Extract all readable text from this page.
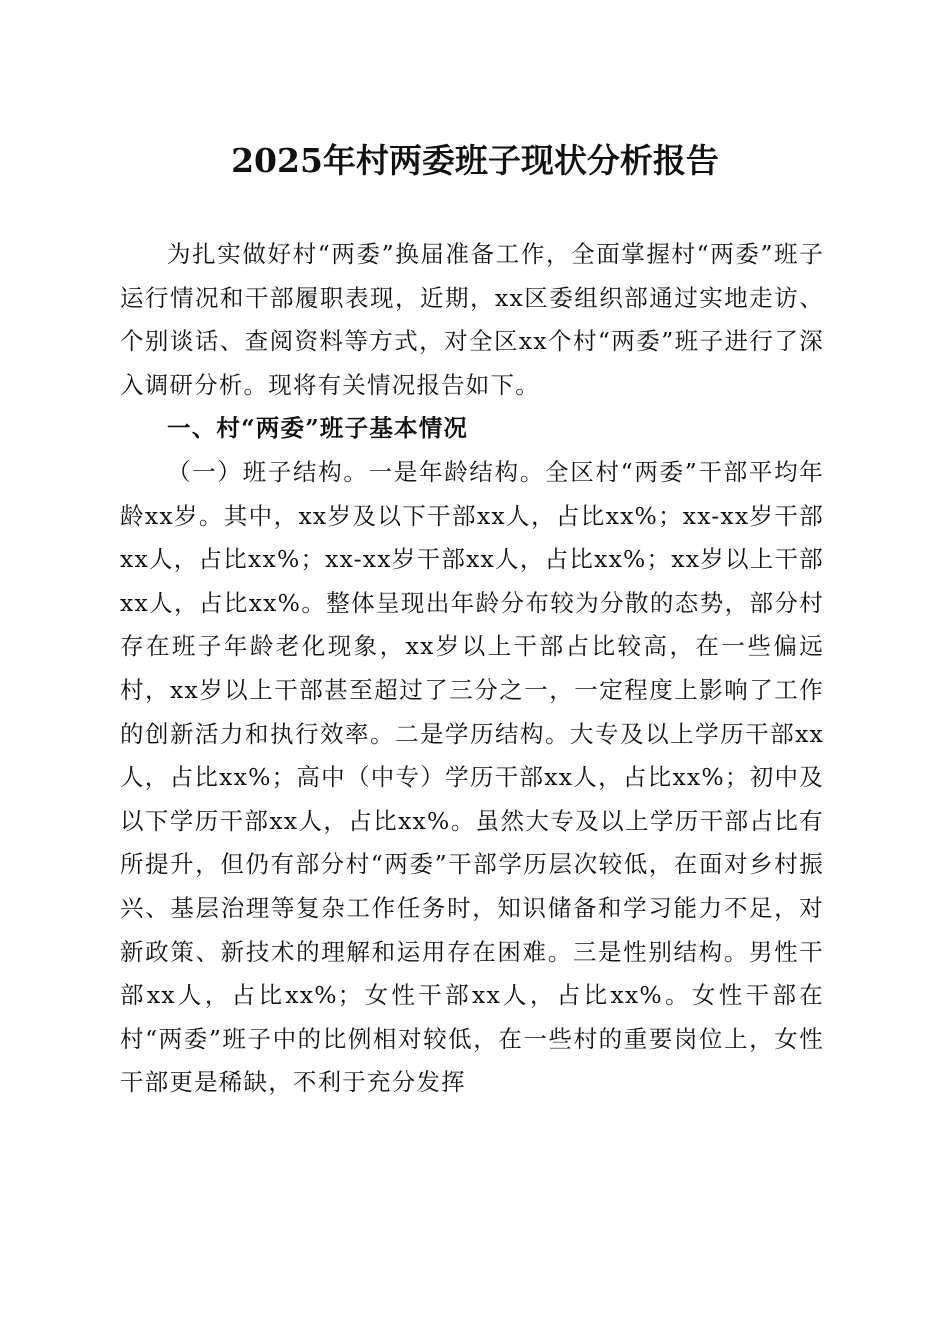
2025年村两委班子现状分析报告

为扎实做好村“两委”换届准备工作，全面掌握村“两委”班子运行情况和干部履职表现，近期，xx区委组织部通过实地走访、个别谈话、查阅资料等方式，对全区xx个村“两委”班子进行了深入调研分析。现将有关情况报告如下。

一、村“两委”班子基本情况

（一）班子结构。一是年龄结构。全区村“两委”干部平均年龄xx岁。其中，xx岁及以下干部xx人，占比xx%；xx-xx岁干部xx人，占比xx%；xx-xx岁干部xx人，占比xx%；xx岁以上干部xx人，占比xx%。整体呈现出年龄分布较为分散的态势，部分村存在班子年龄老化现象，xx岁以上干部占比较高，在一些偏远村，xx岁以上干部甚至超过了三分之一，一定程度上影响了工作的创新活力和执行效率。二是学历结构。大专及以上学历干部xx人，占比xx%；高中（中专）学历干部xx人，占比xx%；初中及以下学历干部xx人，占比xx%。虽然大专及以上学历干部占比有所提升，但仍有部分村“两委”干部学历层次较低，在面对乡村振兴、基层治理等复杂工作任务时，知识储备和学习能力不足，对新政策、新技术的理解和运用存在困难。三是性别结构。男性干部xx人，占比xx%；女性干部xx人，占比xx%。女性干部在村“两委”班子中的比例相对较低，在一些村的重要岗位上，女性干部更是稀缺，不利于充分发挥
